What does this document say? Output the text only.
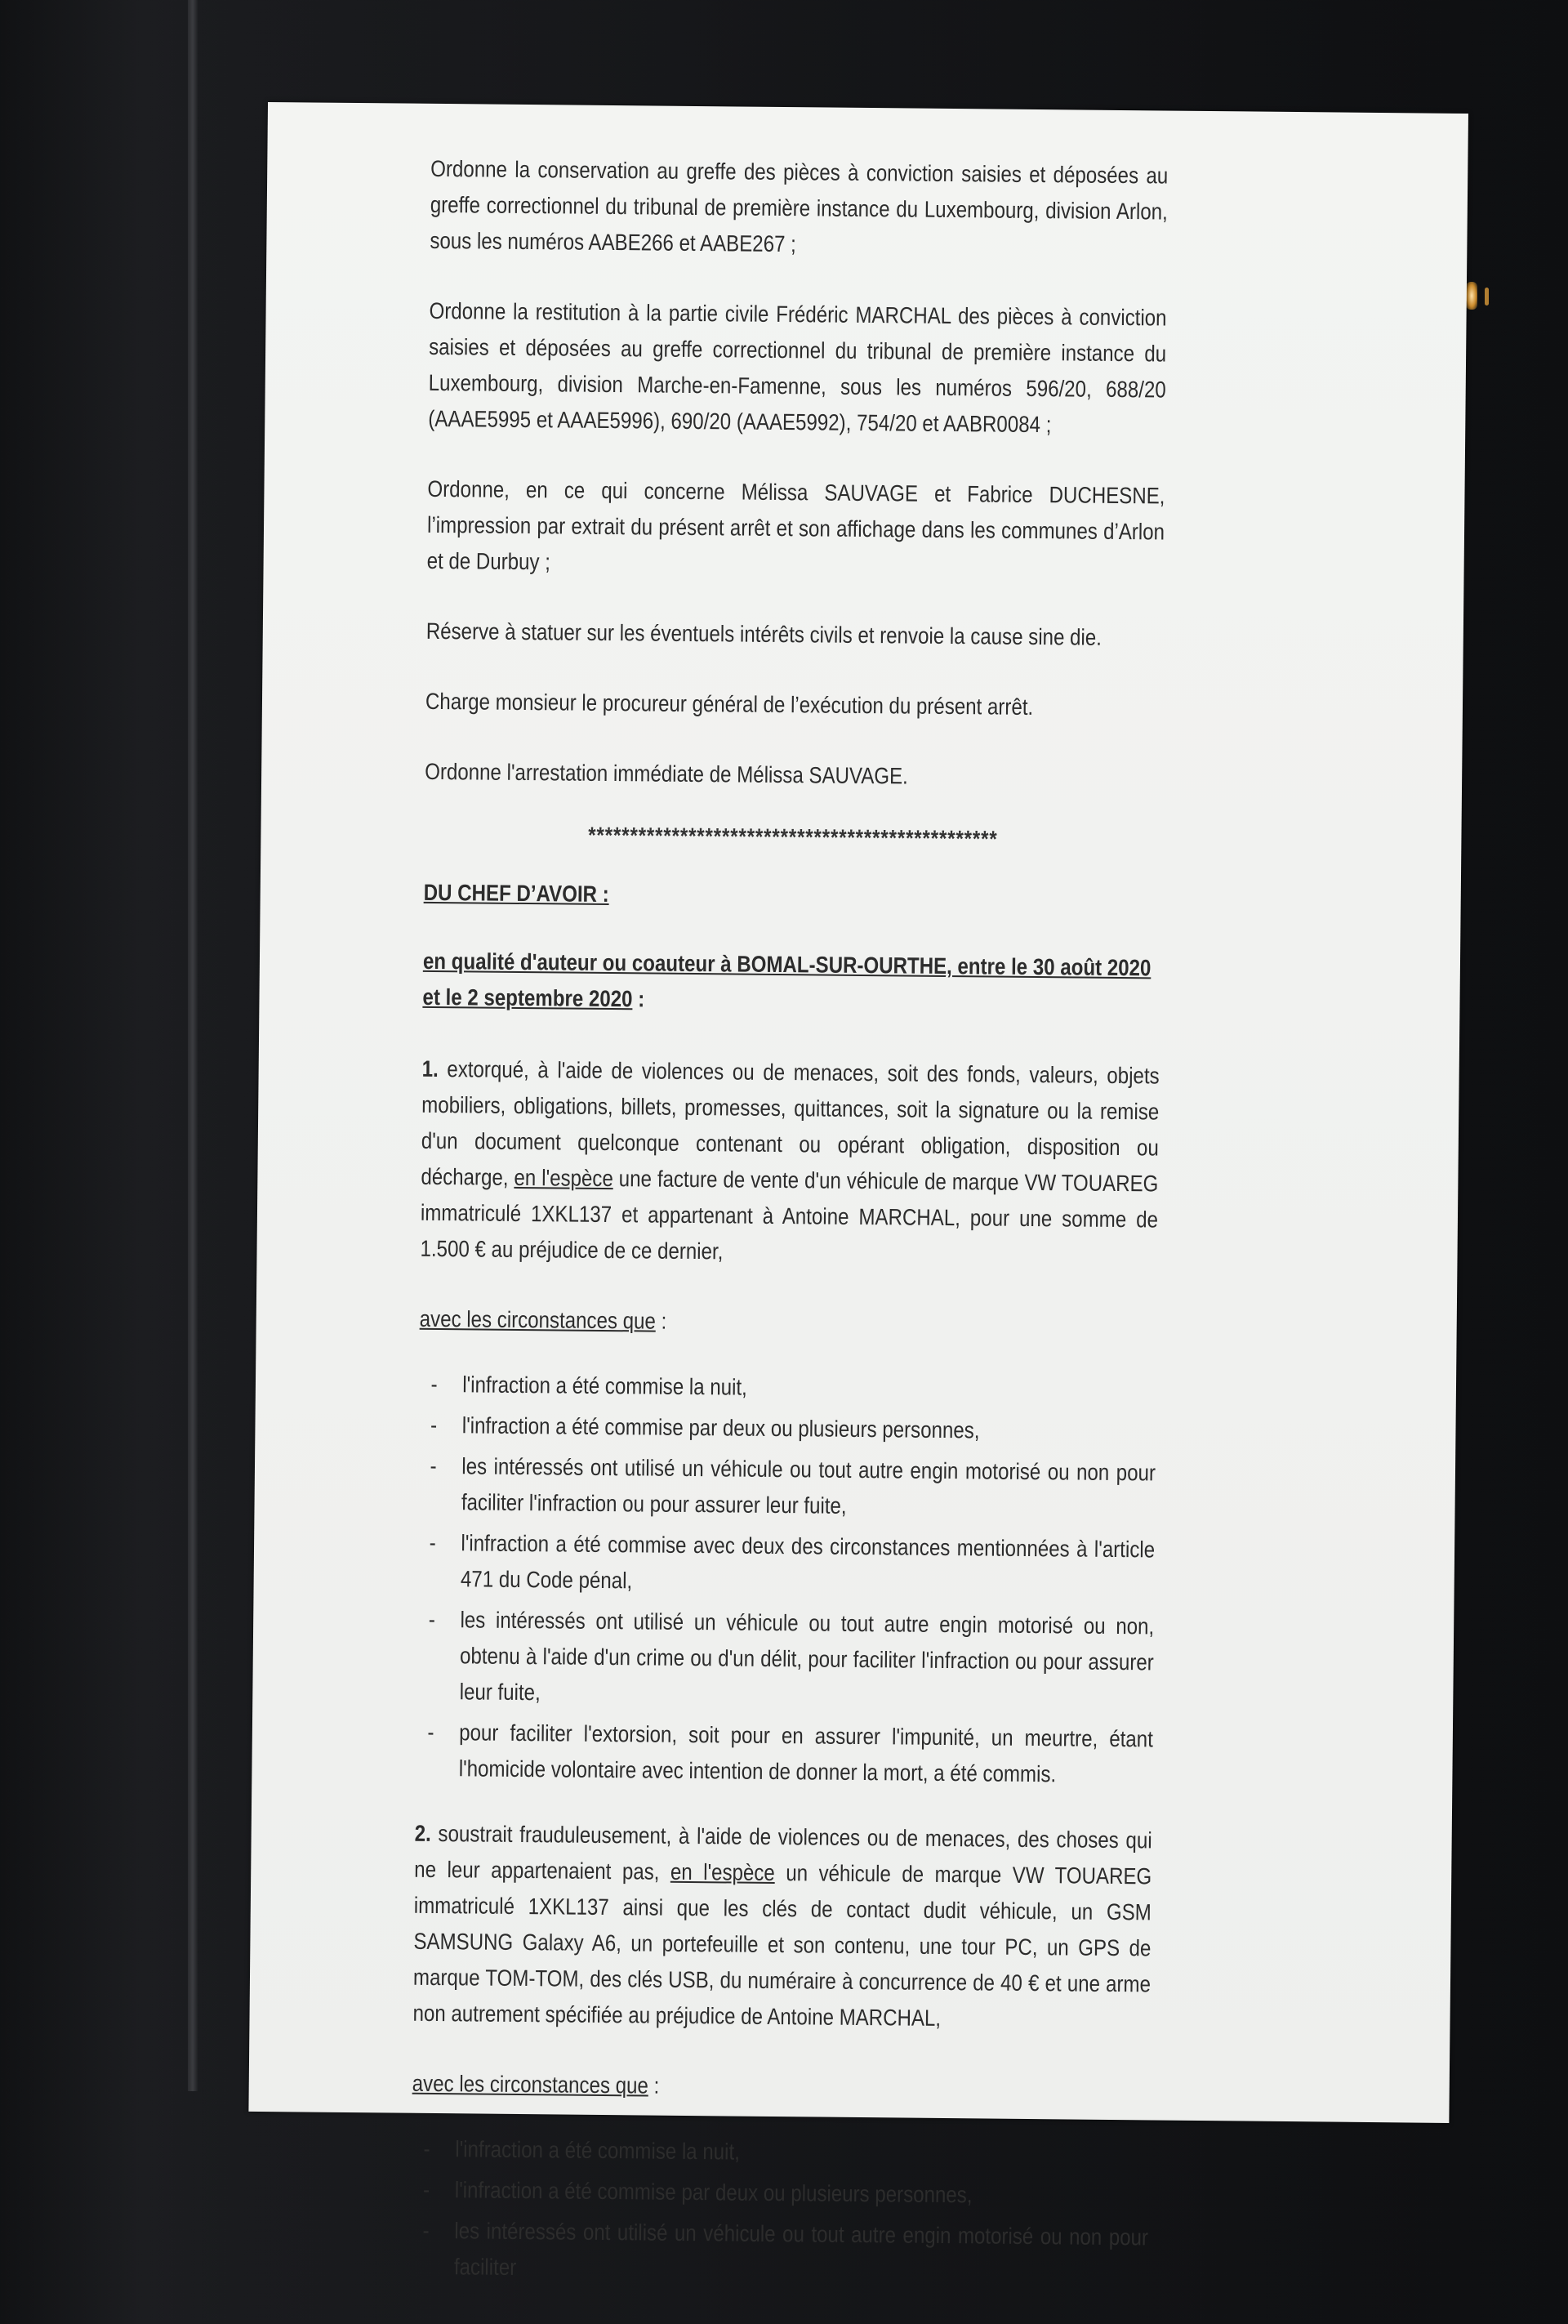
Ordonne la conservation au greffe des pièces à conviction saisies et déposées au greffe correctionnel du tribunal de première instance du Luxembourg, division Arlon, sous les numéros AABE266 et AABE267 ;

Ordonne la restitution à la partie civile Frédéric MARCHAL des pièces à conviction saisies et déposées au greffe correctionnel du tribunal de première instance du Luxembourg, division Marche-en-Famenne, sous les numéros 596/20, 688/20 (AAAE5995 et AAAE5996), 690/20 (AAAE5992), 754/20 et AABR0084 ;

Ordonne, en ce qui concerne Mélissa SAUVAGE et Fabrice DUCHESNE, l’impression par extrait du présent arrêt et son affichage dans les communes d’Arlon et de Durbuy ;

Réserve à statuer sur les éventuels intérêts civils et renvoie la cause sine die.

Charge monsieur le procureur général de l’exécution du présent arrêt.

Ordonne l'arrestation immédiate de Mélissa SAUVAGE.

*************************************************
DU CHEF D’AVOIR :
en qualité d'auteur ou coauteur à BOMAL-SUR-OURTHE, entre le 30 août 2020 et le 2 septembre 2020 :

1. extorqué, à l'aide de violences ou de menaces, soit des fonds, valeurs, objets mobiliers, obligations, billets, promesses, quittances, soit la signature ou la remise d'un document quelconque contenant ou opérant obligation, disposition ou décharge, en l'espèce une facture de vente d'un véhicule de marque VW TOUAREG immatriculé 1XKL137 et appartenant à Antoine MARCHAL, pour une somme de 1.500 € au préjudice de ce dernier,

avec les circonstances que :
- l'infraction a été commise la nuit,
- l'infraction a été commise par deux ou plusieurs personnes,
- les intéressés ont utilisé un véhicule ou tout autre engin motorisé ou non pour faciliter l'infraction ou pour assurer leur fuite,
- l'infraction a été commise avec deux des circonstances mentionnées à l'article 471 du Code pénal,
- les intéressés ont utilisé un véhicule ou tout autre engin motorisé ou non, obtenu à l'aide d'un crime ou d'un délit, pour faciliter l'infraction ou pour assurer leur fuite,
- pour faciliter l'extorsion, soit pour en assurer l'impunité, un meurtre, étant l'homicide volontaire avec intention de donner la mort, a été commis.

2. soustrait frauduleusement, à l'aide de violences ou de menaces, des choses qui ne leur appartenaient pas, en l'espèce un véhicule de marque VW TOUAREG immatriculé 1XKL137 ainsi que les clés de contact dudit véhicule, un GSM SAMSUNG Galaxy A6, un portefeuille et son contenu, une tour PC, un GPS de marque TOM-TOM, des clés USB, du numéraire à concurrence de 40 € et une arme non autrement spécifiée au préjudice de Antoine MARCHAL,

avec les circonstances que :
- l'infraction a été commise la nuit,
- l'infraction a été commise par deux ou plusieurs personnes,
- les intéressés ont utilisé un véhicule ou tout autre engin motorisé ou non pour faciliter
